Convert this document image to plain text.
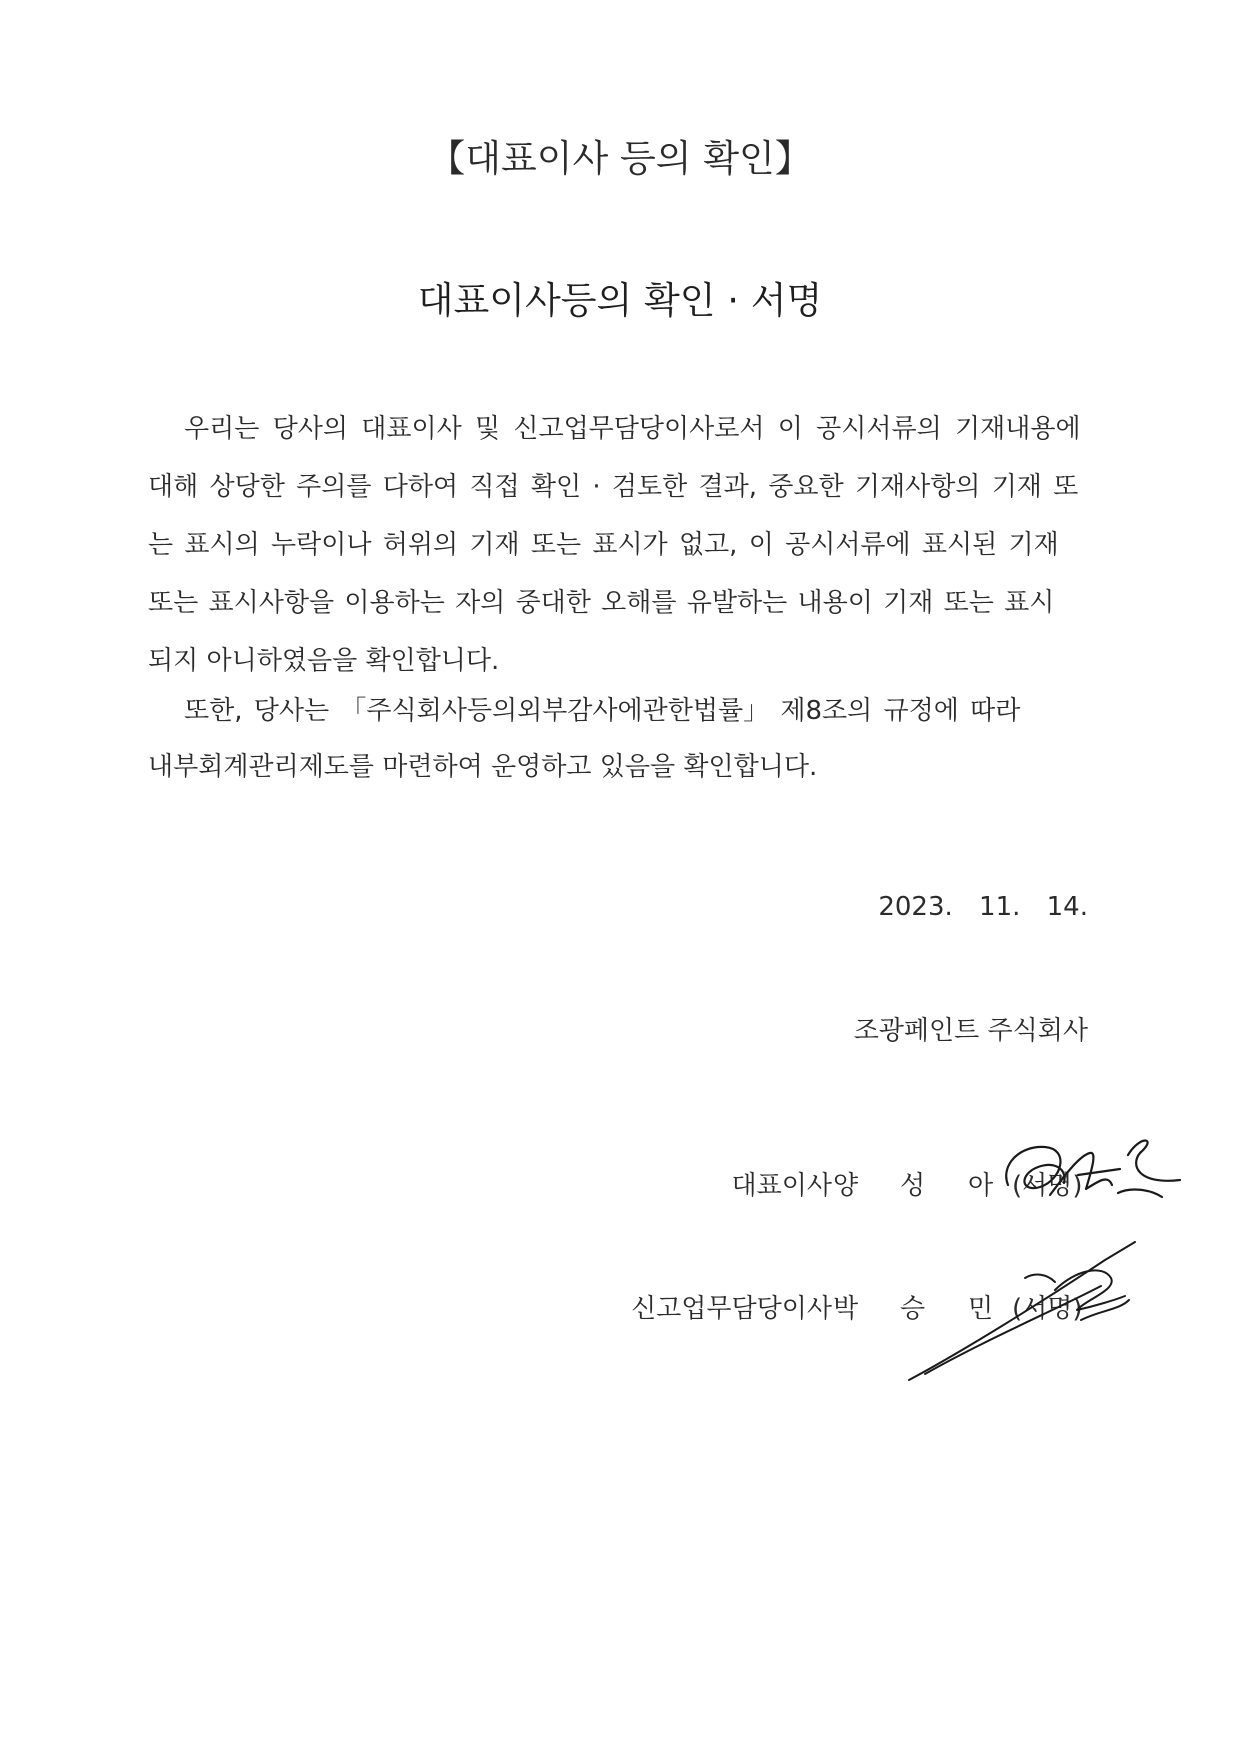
【대표이사 등의 확인】
대표이사등의 확인 · 서명
우리는 당사의 대표이사 및 신고업무담당이사로서 이 공시서류의 기재내용에
대해 상당한 주의를 다하여 직접 확인 · 검토한 결과, 중요한 기재사항의 기재 또
는 표시의 누락이나 허위의 기재 또는 표시가 없고, 이 공시서류에 표시된 기재
또는 표시사항을 이용하는 자의 중대한 오해를 유발하는 내용이 기재 또는 표시
되지 아니하였음을 확인합니다.
또한, 당사는 「주식회사등의외부감사에관한법률」 제8조의 규정에 따라
내부회계관리제도를 마련하여 운영하고 있음을 확인합니다.
2023. 11. 14.
조광페인트 주식회사
대표이사 양 성 아 (서명)
신고업무담당이사 박 승 민 (서명)
